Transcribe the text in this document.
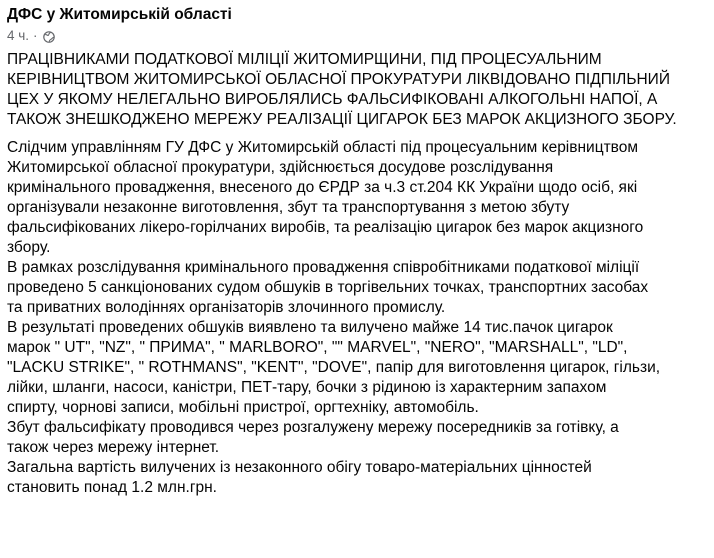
ДФС у Житомирській області
4 ч. ·

ПРАЦІВНИКАМИ ПОДАТКОВОЇ МІЛІЦІЇ ЖИТОМИРЩИНИ, ПІД ПРОЦЕСУАЛЬНИМ
КЕРІВНИЦТВОМ ЖИТОМИРСЬКОЇ ОБЛАСНОЇ ПРОКУРАТУРИ ЛІКВІДОВАНО ПІДПІЛЬНИЙ
ЦЕХ У ЯКОМУ НЕЛЕГАЛЬНО ВИРОБЛЯЛИСЬ ФАЛЬСИФІКОВАНІ АЛКОГОЛЬНІ НАПОЇ, А
ТАКОЖ ЗНЕШКОДЖЕНО МЕРЕЖУ РЕАЛІЗАЦІЇ ЦИГАРОК БЕЗ МАРОК АКЦИЗНОГО ЗБОРУ.

Слідчим управлінням ГУ ДФС у Житомирській області під процесуальним керівництвом
Житомирської обласної прокуратури, здійснюється досудове розслідування
кримінального провадження, внесеного до ЄРДР за ч.3 ст.204 КК України щодо осіб, які
організували незаконне виготовлення, збут та транспортування з метою збуту
фальсифікованих лікеро-горілчаних виробів, та реалізацію цигарок без марок акцизного
збору.

В рамках розслідування кримінального провадження співробітниками податкової міліції
проведено 5 санкціонованих судом обшуків в торгівельних точках, транспортних засобах
та приватних володіннях організаторів злочинного промислу.

В результаті проведених обшуків виявлено та вилучено майже 14 тис.пачок цигарок
марок " UT", "NZ", " ПРИМА", " MARLBORO", "" MARVEL", "NERO", "MARSHALL", "LD",
"LACKU STRIKE", " ROTHMANS", "KENT", "DOVE", папір для виготовлення цигарок, гільзи,
лійки, шланги, насоси, каністри, ПЕТ-тару, бочки з рідиною із характерним запахом
спирту, чорнові записи, мобільні пристрої, оргтехніку, автомобіль.

Збут фальсифікату проводився через розгалужену мережу посередників за готівку, а
також через мережу інтернет.

Загальна вартість вилучених із незаконного обігу товаро-матеріальних цінностей
становить понад 1.2 млн.грн.
